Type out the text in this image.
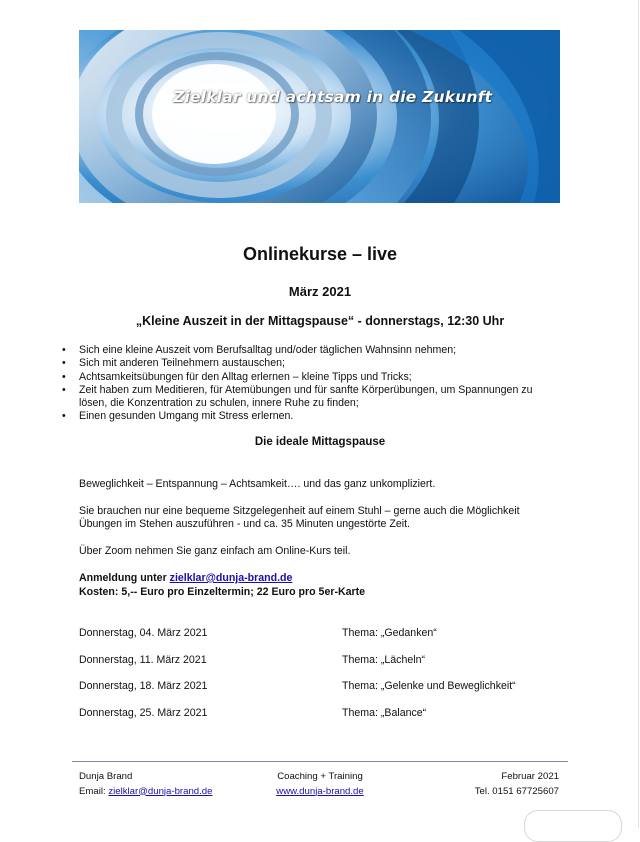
Zielklar und achtsam in die Zukunft
Onlinekurse – live
März 2021
„Kleine Auszeit in der Mittagspause“ - donnerstags, 12:30 Uhr
• Sich eine kleine Auszeit vom Berufsalltag und/oder täglichen Wahnsinn nehmen;
• Sich mit anderen Teilnehmern austauschen;
• Achtsamkeitsübungen für den Alltag erlernen – kleine Tipps und Tricks;
• Zeit haben zum Meditieren, für Atemübungen und für sanfte Körperübungen, um Spannungen zu lösen, die Konzentration zu schulen, innere Ruhe zu finden;
• Einen gesunden Umgang mit Stress erlernen.
Die ideale Mittagspause
Beweglichkeit – Entspannung – Achtsamkeit…. und das ganz unkompliziert.
Sie brauchen nur eine bequeme Sitzgelegenheit auf einem Stuhl – gerne auch die Möglichkeit Übungen im Stehen auszuführen - und ca. 35 Minuten ungestörte Zeit.
Über Zoom nehmen Sie ganz einfach am Online-Kurs teil.
Anmeldung unter zielklar@dunja-brand.de
Kosten: 5,-- Euro pro Einzeltermin; 22 Euro pro 5er-Karte
Donnerstag, 04. März 2021	Thema: „Gedanken“
Donnerstag, 11. März 2021	Thema: „Lächeln“
Donnerstag, 18. März 2021	Thema: „Gelenke und Beweglichkeit“
Donnerstag, 25. März 2021	Thema: „Balance“
Dunja Brand
Email: zielklar@dunja-brand.de
Coaching + Training
www.dunja-brand.de
Februar 2021
Tel. 0151 67725607
